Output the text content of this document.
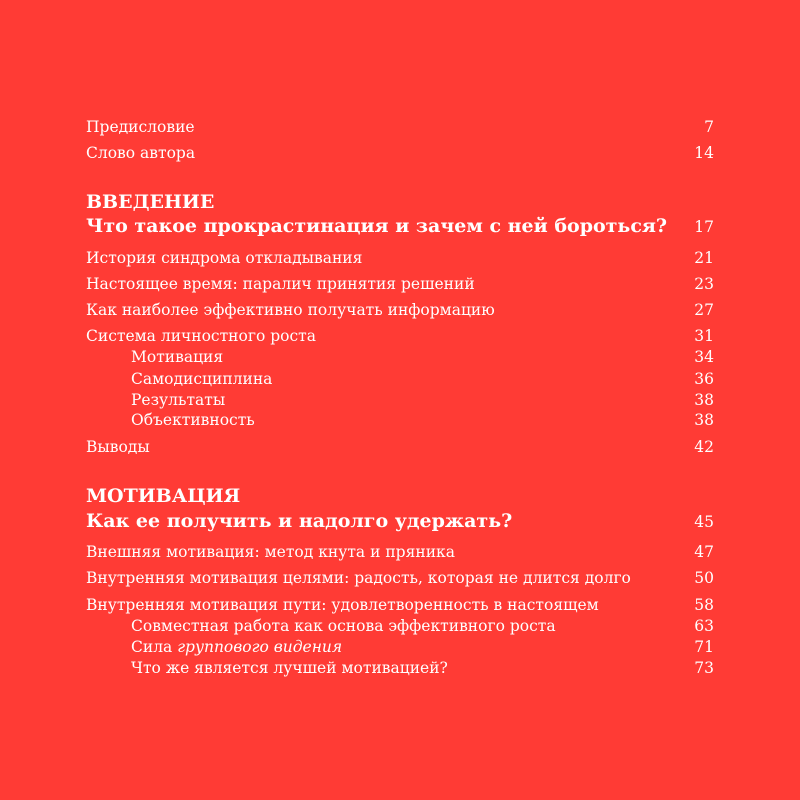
Предисловие	7
Слово автора	14
ВВЕДЕНИЕ
Что такое прокрастинация и зачем с ней бороться? 17
История синдрома откладывания	21
Настоящее время: паралич принятия решений	23
Как наиболее эффективно получать информацию	27
Система личностного роста	31
Мотивация	34
Самодисциплина	36
Результаты	38
Объективность	38
Выводы	42
МОТИВАЦИЯ
Как ее получить и надолго удержать?	45
Внешняя мотивация: метод кнута и пряника	47
Внутренняя мотивация целями: радость, которая не длится долго	50
Внутренняя мотивация пути: удовлетворенность в настоящем	58
Совместная работа как основа эффективного роста	63
Сила группового видения	71
Что же является лучшей мотивацией?	73
